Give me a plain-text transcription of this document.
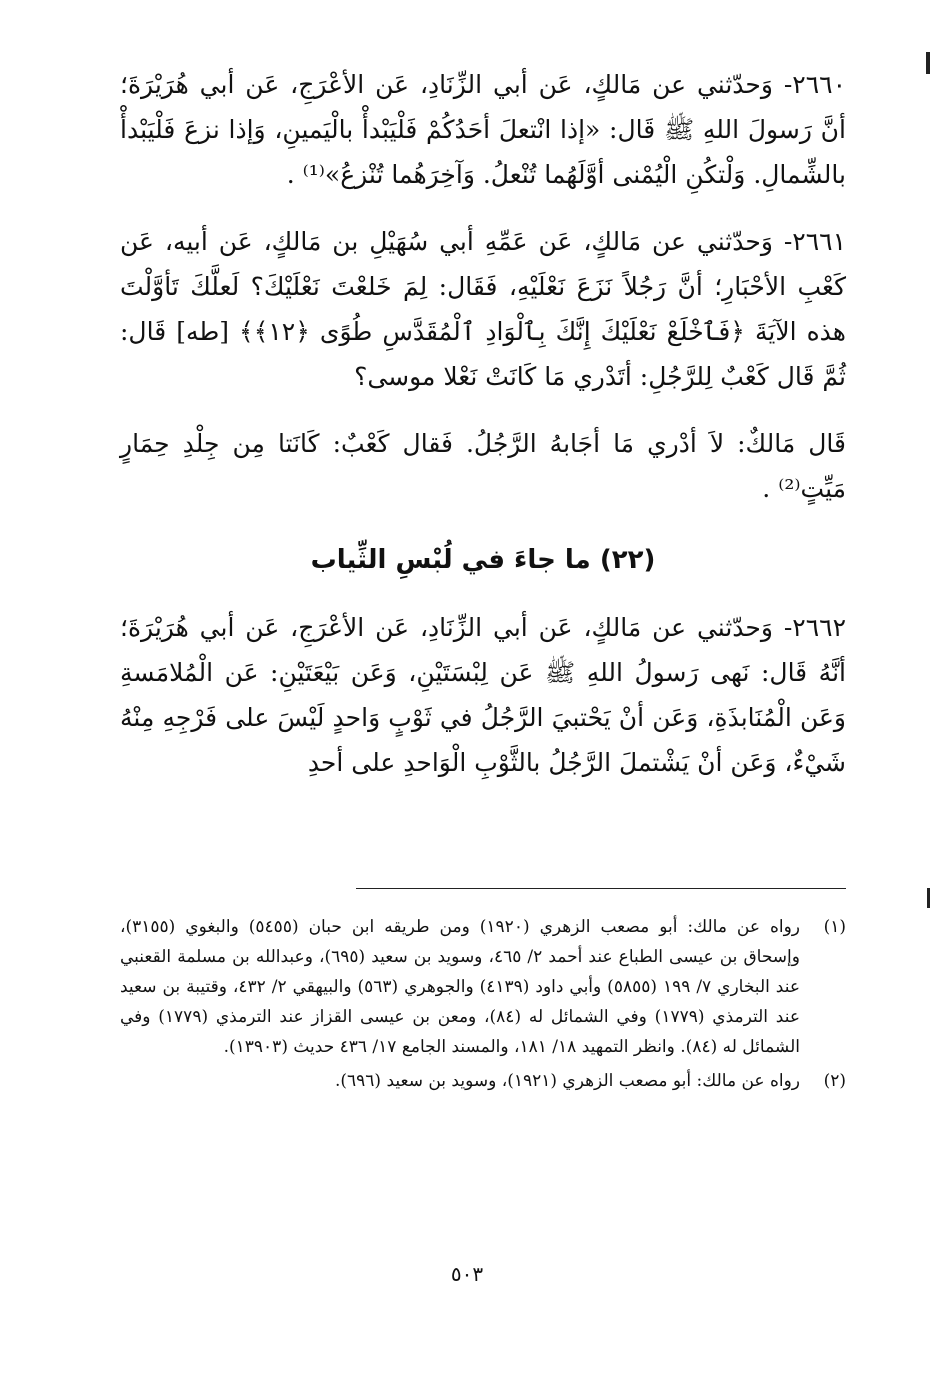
٢٦٦٠- وَحدّثني عن مَالكٍ، عَن أبي الزِّنَادِ، عَن الأعْرَجِ، عَن أبي هُرَيْرَةَ؛ أنَّ رَسولَ اللهِ ﷺ قَال: «إذا انْتعلَ أحَدُكُمْ فَلْيَبْدأْ بالْيَمينِ، وَإذا نزعَ فَلْيَبْدأْ بالشِّمالِ. وَلْتكُنِ الْيُمْنى أوَّلَهُما تُنْعلُ. وَآخِرَهُما تُنْزعُ»⁽¹⁾ .

٢٦٦١- وَحدّثني عن مَالكٍ، عَن عَمِّهِ أبي سُهَيْلِ بن مَالكٍ، عَن أبيه، عَن كَعْبِ الأحْبَارِ؛ أنَّ رَجُلاً نَزَعَ نَعْلَيْهِ، فَقَال: لِمَ خَلعْتَ نَعْلَيْكَ؟ لَعلَّكَ تَأوَّلْتَ هذه الآيَةَ ﴿فَٱخْلَعْ نَعْلَيْكَ إِنَّكَ بِٱلْوَادِ ٱلْمُقَدَّسِ طُوًى ﴿١٢﴾﴾ [طه] قَال: ثُمَّ قَال كَعْبٌ لِلرَّجُلِ: أتَدْري مَا كَانَتْ نَعْلا موسى؟

قَال مَالكٌ: لاَ أدْري مَا أجَابهُ الرَّجُلُ. فَقال كَعْبٌ: كَانَتا مِن جِلْدِ حِمَارٍ مَيِّتٍ⁽²⁾ .

(٢٢) ما جاءَ في لُبْسِ الثِّياب

٢٦٦٢- وَحدّثني عن مَالكٍ، عَن أبي الزِّنَادِ، عَن الأعْرَجِ، عَن أبي هُرَيْرَةَ؛ أنَّهُ قَال: نَهى رَسولُ اللهِ ﷺ عَن لِبْسَتَيْنِ، وَعَن بَيْعَتَيْنِ: عَن الْمُلامَسةِ وَعَن الْمُنَابذَةِ، وَعَن أنْ يَحْتبيَ الرَّجُلُ في ثَوْبٍ وَاحدٍ لَيْسَ على فَرْجِهِ مِنْهُ شَيْءٌ، وَعَن أنْ يَشْتملَ الرَّجُلُ بالثَّوْبِ الْوَاحدِ على أحدِ

(١)
رواه عن مالك: أبو مصعب الزهري (١٩٢٠) ومن طريقه ابن حبان (٥٤٥٥) والبغوي (٣١٥٥)، وإسحاق بن عيسى الطباع عند أحمد ٢/ ٤٦٥، وسويد بن سعيد (٦٩٥)، وعبدالله بن مسلمة القعنبي عند البخاري ٧/ ١٩٩ (٥٨٥٥) وأبي داود (٤١٣٩) والجوهري (٥٦٣) والبيهقي ٢/ ٤٣٢، وقتيبة بن سعيد عند الترمذي (١٧٧٩) وفي الشمائل له (٨٤)، ومعن بن عيسى القزاز عند الترمذي (١٧٧٩) وفي الشمائل له (٨٤). وانظر التمهيد ١٨/ ١٨١، والمسند الجامع ١٧/ ٤٣٦ حديث (١٣٩٠٣).
(٢)
رواه عن مالك: أبو مصعب الزهري (١٩٢١)، وسويد بن سعيد (٦٩٦).
٥٠٣
